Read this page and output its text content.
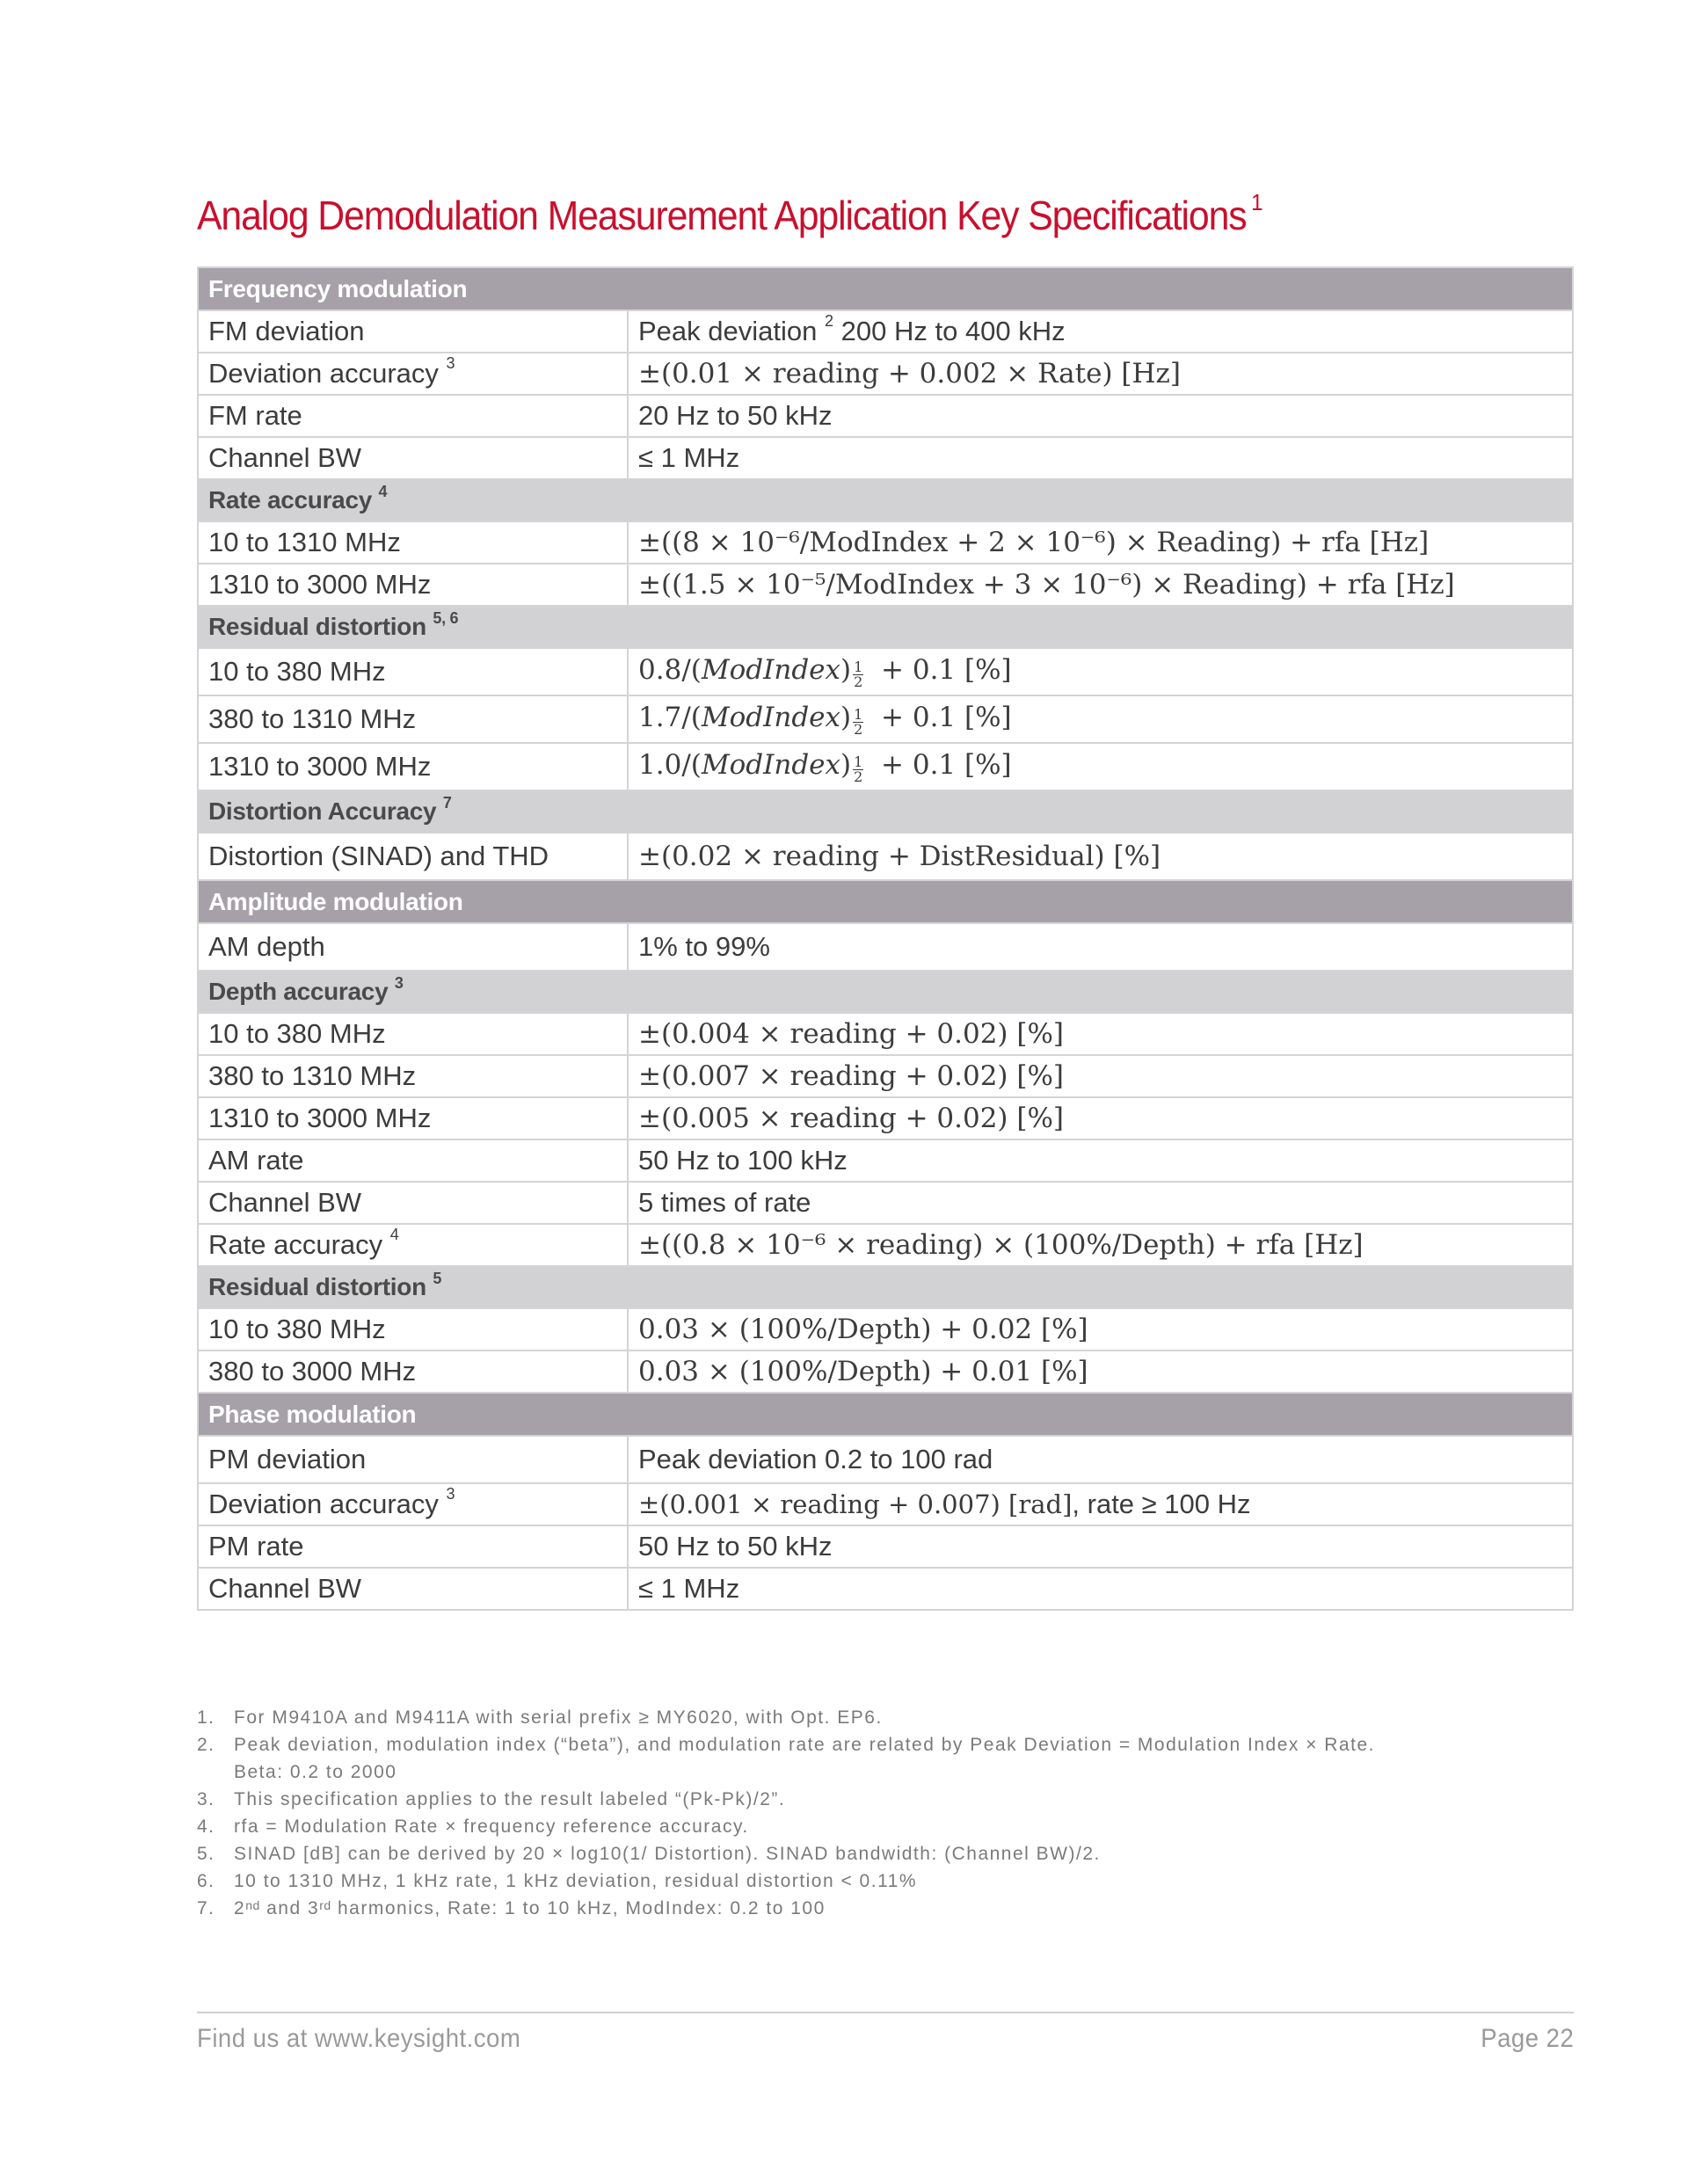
Analog Demodulation Measurement Application Key Specifications $^1$
Frequency modulation	
FM deviation	Peak deviation $^2$ 200 Hz to 400 kHz
Deviation accuracy $^3$	±(0.01 × reading + 0.002 × Rate) [Hz]
FM rate	20 Hz to 50 kHz
Channel BW	≤ 1 MHz
Rate accuracy $^4$
10 to 1310 MHz	±((8 × 10⁻⁶/ModIndex + 2 × 10⁻⁶) × Reading) + rfa [Hz]
1310 to 3000 MHz	±((1.5 × 10⁻⁵/ModIndex + 3 × 10⁻⁶) × Reading) + rfa [Hz]
Residual distortion $^{5, 6}$
10 to 380 MHz	0.8/(ModIndex) $\frac{1}{2} + 0.1$ [%]
380 to 1310 MHz	1.7/(ModIndex) $\frac{1}{2} + 0.1$ [%]
1310 to 3000 MHz	1.0/(ModIndex) $\frac{1}{2} + 0.1$ [%]
Distortion Accuracy $^7$
Distortion (SINAD) and THD	±(0.02 × reading + DistResidual) [%]
Amplitude modulation	
AM depth	1% to 99%
Depth accuracy $^3$
10 to 380 MHz	±(0.004 × reading + 0.02) [%]
380 to 1310 MHz	±(0.007 × reading + 0.02) [%]
1310 to 3000 MHz	±(0.005 × reading + 0.02) [%]
AM rate	50 Hz to 100 kHz
Channel BW	5 times of rate
Rate accuracy $^4$	±((0.8 × 10⁻⁶ × reading) × (100%/Depth) + rfa [Hz]
Residual distortion $^5$
10 to 380 MHz	0.03 × (100%/Depth) + 0.02 [%]
380 to 3000 MHz	0.03 × (100%/Depth) + 0.01 [%]
Phase modulation	
PM deviation	Peak deviation 0.2 to 100 rad
Deviation accuracy $^3$	±(0.001 × reading + 0.007) [rad], rate ≥ 100 Hz
PM rate	50 Hz to 50 kHz
Channel BW	≤ 1 MHz
1. For M9410A and M9411A with serial prefix ≥ MY6020, with Opt. EP6.
2. Peak deviation, modulation index (“beta”), and modulation rate are related by Peak Deviation = Modulation Index × Rate.
Beta: 0.2 to 2000
3. This specification applies to the result labeled “(Pk-Pk)/2”.
4. rfa = Modulation Rate × frequency reference accuracy.
5. SINAD [dB] can be derived by 20 × log10(1/ Distortion). SINAD bandwidth: (Channel BW)/2.
6. 10 to 1310 MHz, 1 kHz rate, 1 kHz deviation, residual distortion < 0.11%
7. 2nd and 3rd harmonics, Rate: 1 to 10 kHz, ModIndex: 0.2 to 100
Find us at www.keysight.com	Page 22
